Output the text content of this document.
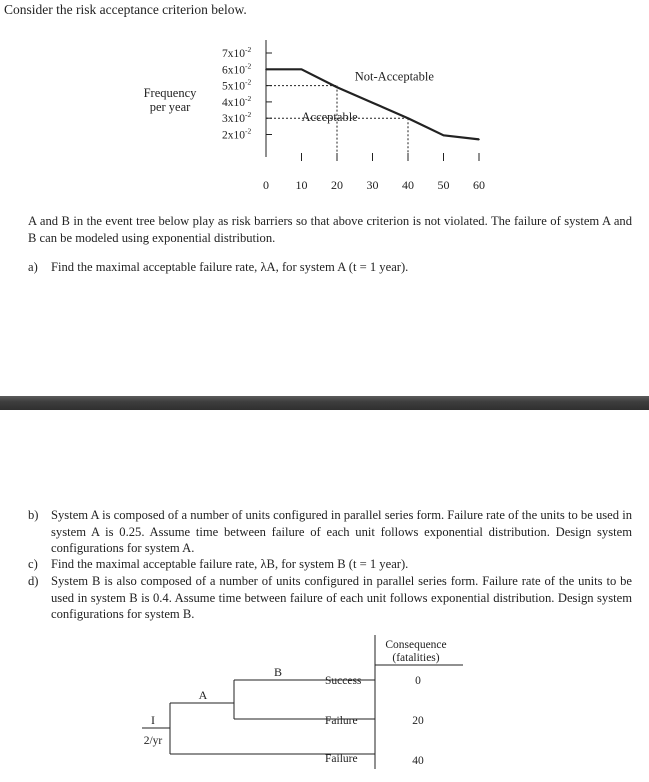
Consider the risk acceptance criterion below.
$7x10^{-2}$
$6x10^{-2}$
$5x10^{-2}$
$4x10^{-2}$
$3x10^{-2}$
$2x10^{-2}$
Frequency
per year
0 10 20 30 40 50 60
Not-Acceptable
Acceptable
A and B in the event tree below play as risk barriers so that above criterion is not violated. The failure of system A and B can be modeled using exponential distribution.
a) Find the maximal acceptable failure rate, λA, for system A (t = 1 year).
b) System A is composed of a number of units configured in parallel series form. Failure rate of the units to be used in system A is 0.25. Assume time between failure of each unit follows exponential distribution. Design system configurations for system A.
c) Find the maximal acceptable failure rate, λB, for system B (t = 1 year).
d) System B is also composed of a number of units configured in parallel series form. Failure rate of the units to be used in system B is 0.4. Assume time between failure of each unit follows exponential distribution. Design system configurations for system B.
Consequence
(fatalities)
I
2/yr
A
B
Success
Failure
Failure
0
20
40
